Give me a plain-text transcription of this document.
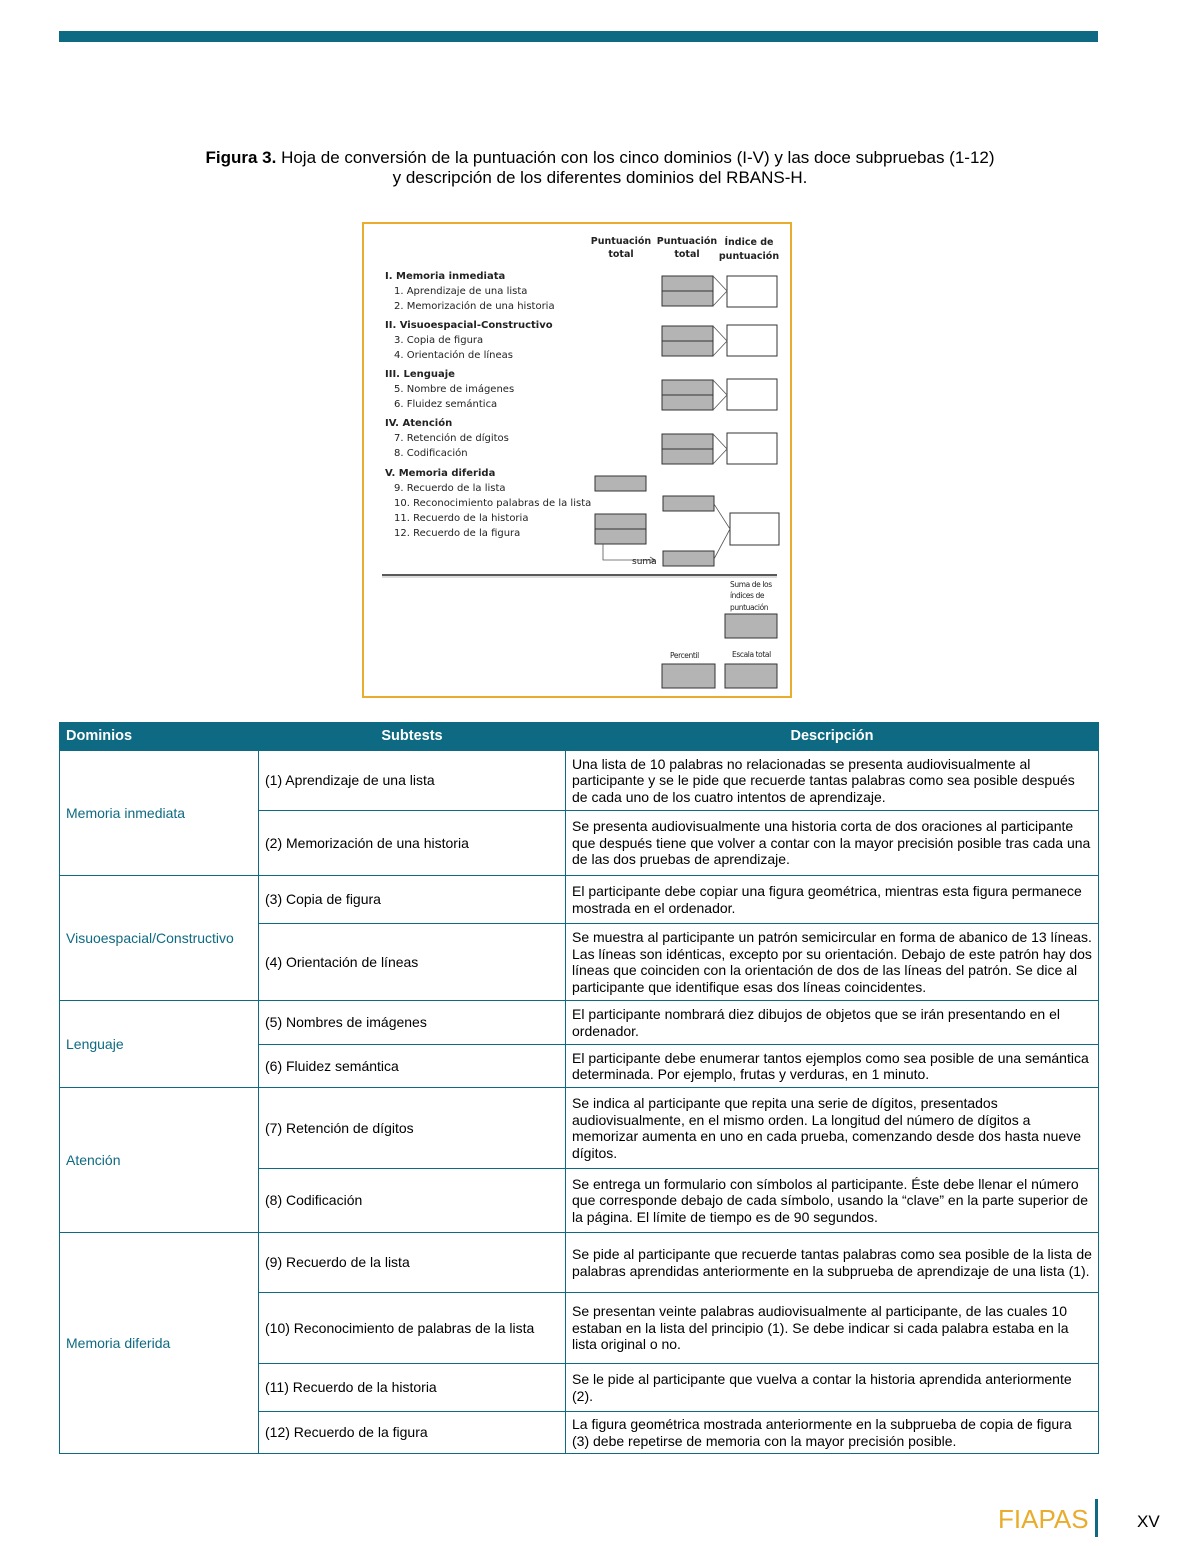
Figura 3. Hoja de conversión de la puntuación con los cinco dominios (I-V) y las doce subpruebas (1-12)
y descripción de los diferentes dominios del RBANS-H.
Puntuación
total
Puntuación
total
Índice de
puntuación
I. Memoria inmediata
1. Aprendizaje de una lista
2. Memorización de una historia
II. Visuoespacial-Constructivo
3. Copia de figura
4. Orientación de líneas
III. Lenguaje
5. Nombre de imágenes
6. Fluidez semántica
IV. Atención
7. Retención de dígitos
8. Codificación
V. Memoria diferida
9. Recuerdo de la lista
10. Reconocimiento palabras de la lista
11. Recuerdo de la historia
12. Recuerdo de la figura
suma
Suma de los
índices de
puntuación
Percentil	Escala total
Dominios	Subtests	Descripción
Memoria inmediata	(1) Aprendizaje de una lista	Una lista de 10 palabras no relacionadas se presenta audiovisualmente al participante y se le pide que recuerde tantas palabras como sea posible después de cada uno de los cuatro intentos de aprendizaje.
	(2) Memorización de una historia	Se presenta audiovisualmente una historia corta de dos oraciones al participante que después tiene que volver a contar con la mayor precisión posible tras cada una de las dos pruebas de aprendizaje.
Visuoespacial/Constructivo	(3) Copia de figura	El participante debe copiar una figura geométrica, mientras esta figura permanece mostrada en el ordenador.
	(4) Orientación de líneas	Se muestra al participante un patrón semicircular en forma de abanico de 13 líneas. Las líneas son idénticas, excepto por su orientación. Debajo de este patrón hay dos líneas que coinciden con la orientación de dos de las líneas del patrón. Se dice al participante que identifique esas dos líneas coincidentes.
Lenguaje	(5) Nombres de imágenes	El participante nombrará diez dibujos de objetos que se irán presentando en el ordenador.
	(6) Fluidez semántica	El participante debe enumerar tantos ejemplos como sea posible de una semántica determinada. Por ejemplo, frutas y verduras, en 1 minuto.
Atención	(7) Retención de dígitos	Se indica al participante que repita una serie de dígitos, presentados audiovisualmente, en el mismo orden. La longitud del número de dígitos a memorizar aumenta en uno en cada prueba, comenzando desde dos hasta nueve dígitos.
	(8) Codificación	Se entrega un formulario con símbolos al participante. Éste debe llenar el número que corresponde debajo de cada símbolo, usando la “clave” en la parte superior de la página. El límite de tiempo es de 90 segundos.
Memoria diferida	(9) Recuerdo de la lista	Se pide al participante que recuerde tantas palabras como sea posible de la lista de palabras aprendidas anteriormente en la subprueba de aprendizaje de una lista (1).
	(10) Reconocimiento de palabras de la lista	Se presentan veinte palabras audiovisualmente al participante, de las cuales 10 estaban en la lista del principio (1). Se debe indicar si cada palabra estaba en la lista original o no.
	(11) Recuerdo de la historia	Se le pide al participante que vuelva a contar la historia aprendida anteriormente (2).
	(12) Recuerdo de la figura	La figura geométrica mostrada anteriormente en la subprueba de copia de figura (3) debe repetirse de memoria con la mayor precisión posible.
FIAPAS	XV
